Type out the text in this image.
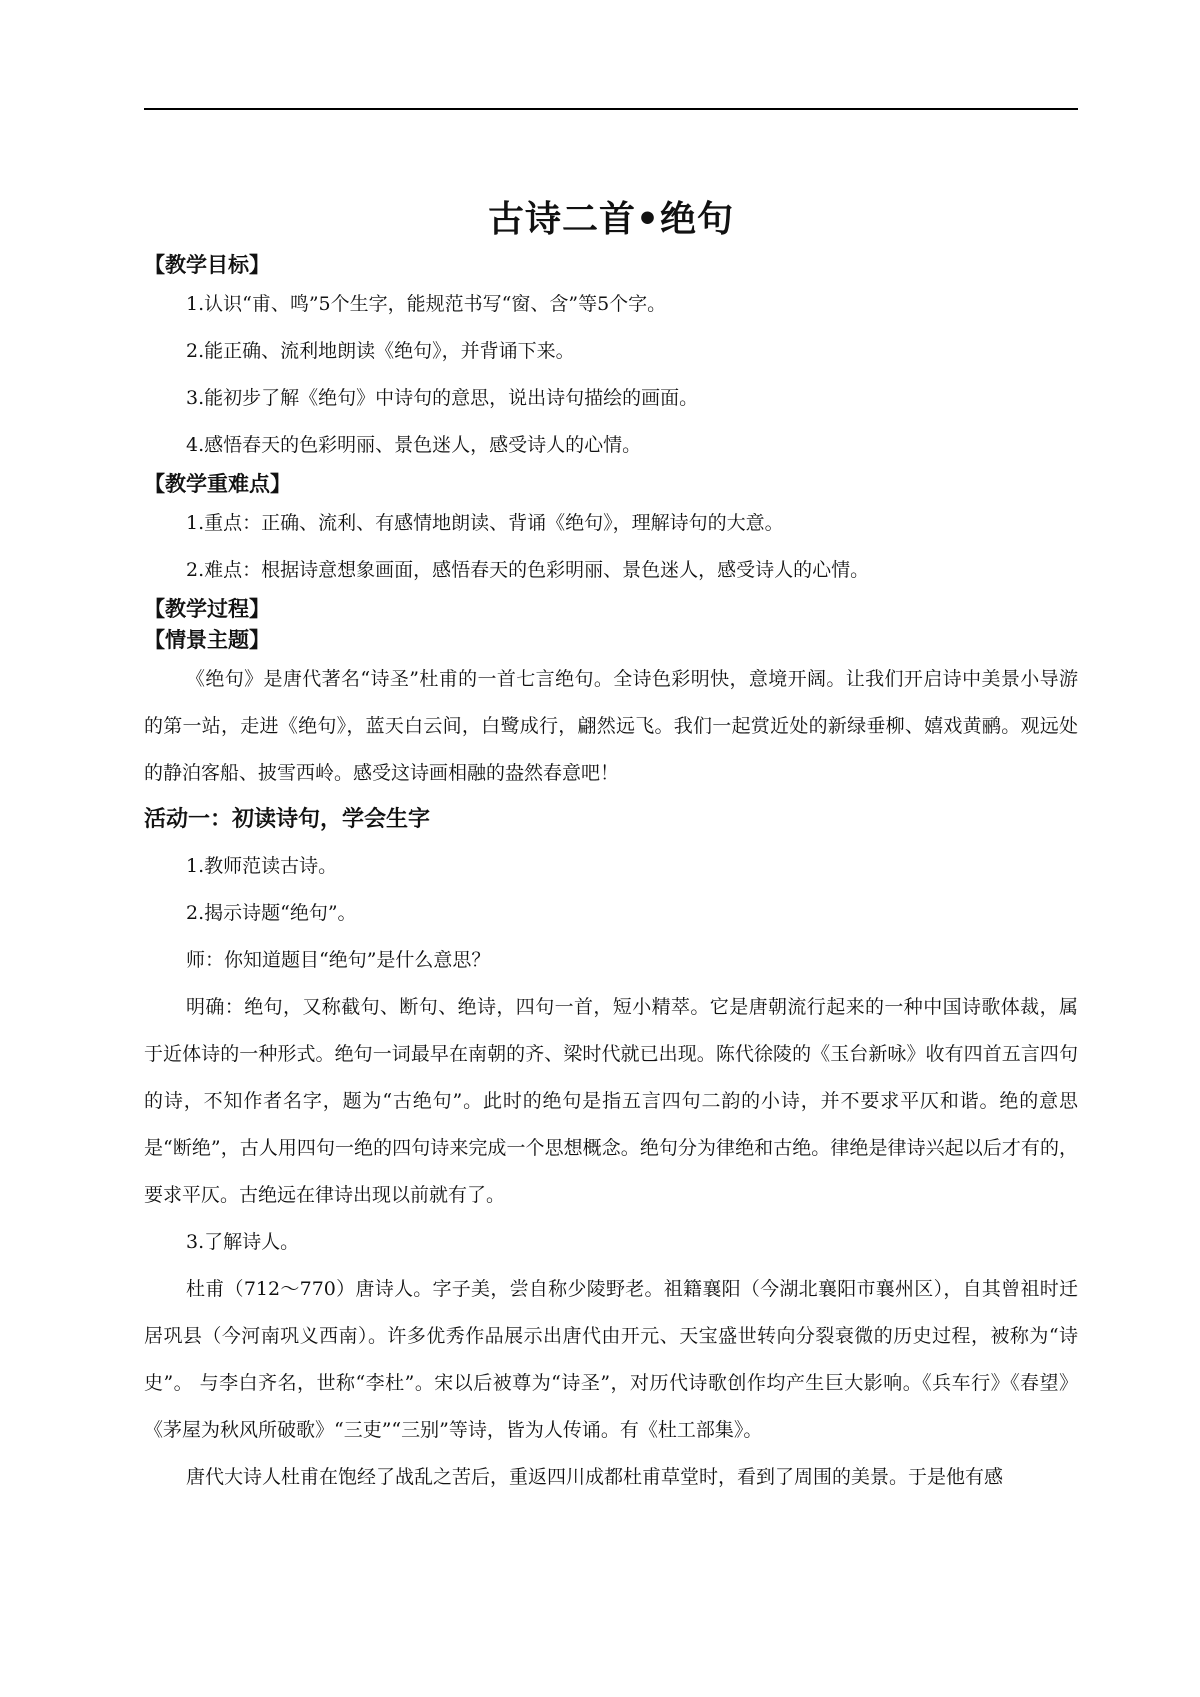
古诗二首•绝句
【教学目标】

1.认识“甫、鸣”5个生字，能规范书写“窗、含”等5个字。

2.能正确、流利地朗读《绝句》，并背诵下来。

3.能初步了解《绝句》中诗句的意思，说出诗句描绘的画面。

4.感悟春天的色彩明丽、景色迷人，感受诗人的心情。

【教学重难点】

1.重点：正确、流利、有感情地朗读、背诵《绝句》，理解诗句的大意。

2.难点：根据诗意想象画面，感悟春天的色彩明丽、景色迷人，感受诗人的心情。

【教学过程】
【情景主题】

《绝句》是唐代著名“诗圣”杜甫的一首七言绝句。全诗色彩明快，意境开阔。让我们开启诗中美景小导游的第一站，走进《绝句》，蓝天白云间，白鹭成行，翩然远飞。我们一起赏近处的新绿垂柳、嬉戏黄鹂。观远处的静泊客船、披雪西岭。感受这诗画相融的盎然春意吧！

活动一：初读诗句，学会生字

1.教师范读古诗。

2.揭示诗题“绝句”。

师：你知道题目“绝句”是什么意思？

明确：绝句，又称截句、断句、绝诗，四句一首，短小精萃。它是唐朝流行起来的一种中国诗歌体裁，属于近体诗的一种形式。绝句一词最早在南朝的齐、梁时代就已出现。陈代徐陵的《玉台新咏》收有四首五言四句的诗，不知作者名字，题为“古绝句”。此时的绝句是指五言四句二韵的小诗，并不要求平仄和谐。绝的意思是“断绝”，古人用四句一绝的四句诗来完成一个思想概念。绝句分为律绝和古绝。律绝是律诗兴起以后才有的，要求平仄。古绝远在律诗出现以前就有了。

3.了解诗人。

杜甫（712～770）唐诗人。字子美，尝自称少陵野老。祖籍襄阳（今湖北襄阳市襄州区），自其曾祖时迁居巩县（今河南巩义西南）。许多优秀作品展示出唐代由开元、天宝盛世转向分裂衰微的历史过程，被称为“诗史”。 与李白齐名，世称“李杜”。宋以后被尊为“诗圣”，对历代诗歌创作均产生巨大影响。《兵车行》《春望》《茅屋为秋风所破歌》“三吏”“三别”等诗，皆为人传诵。有《杜工部集》。

唐代大诗人杜甫在饱经了战乱之苦后，重返四川成都杜甫草堂时，看到了周围的美景。于是他有感
